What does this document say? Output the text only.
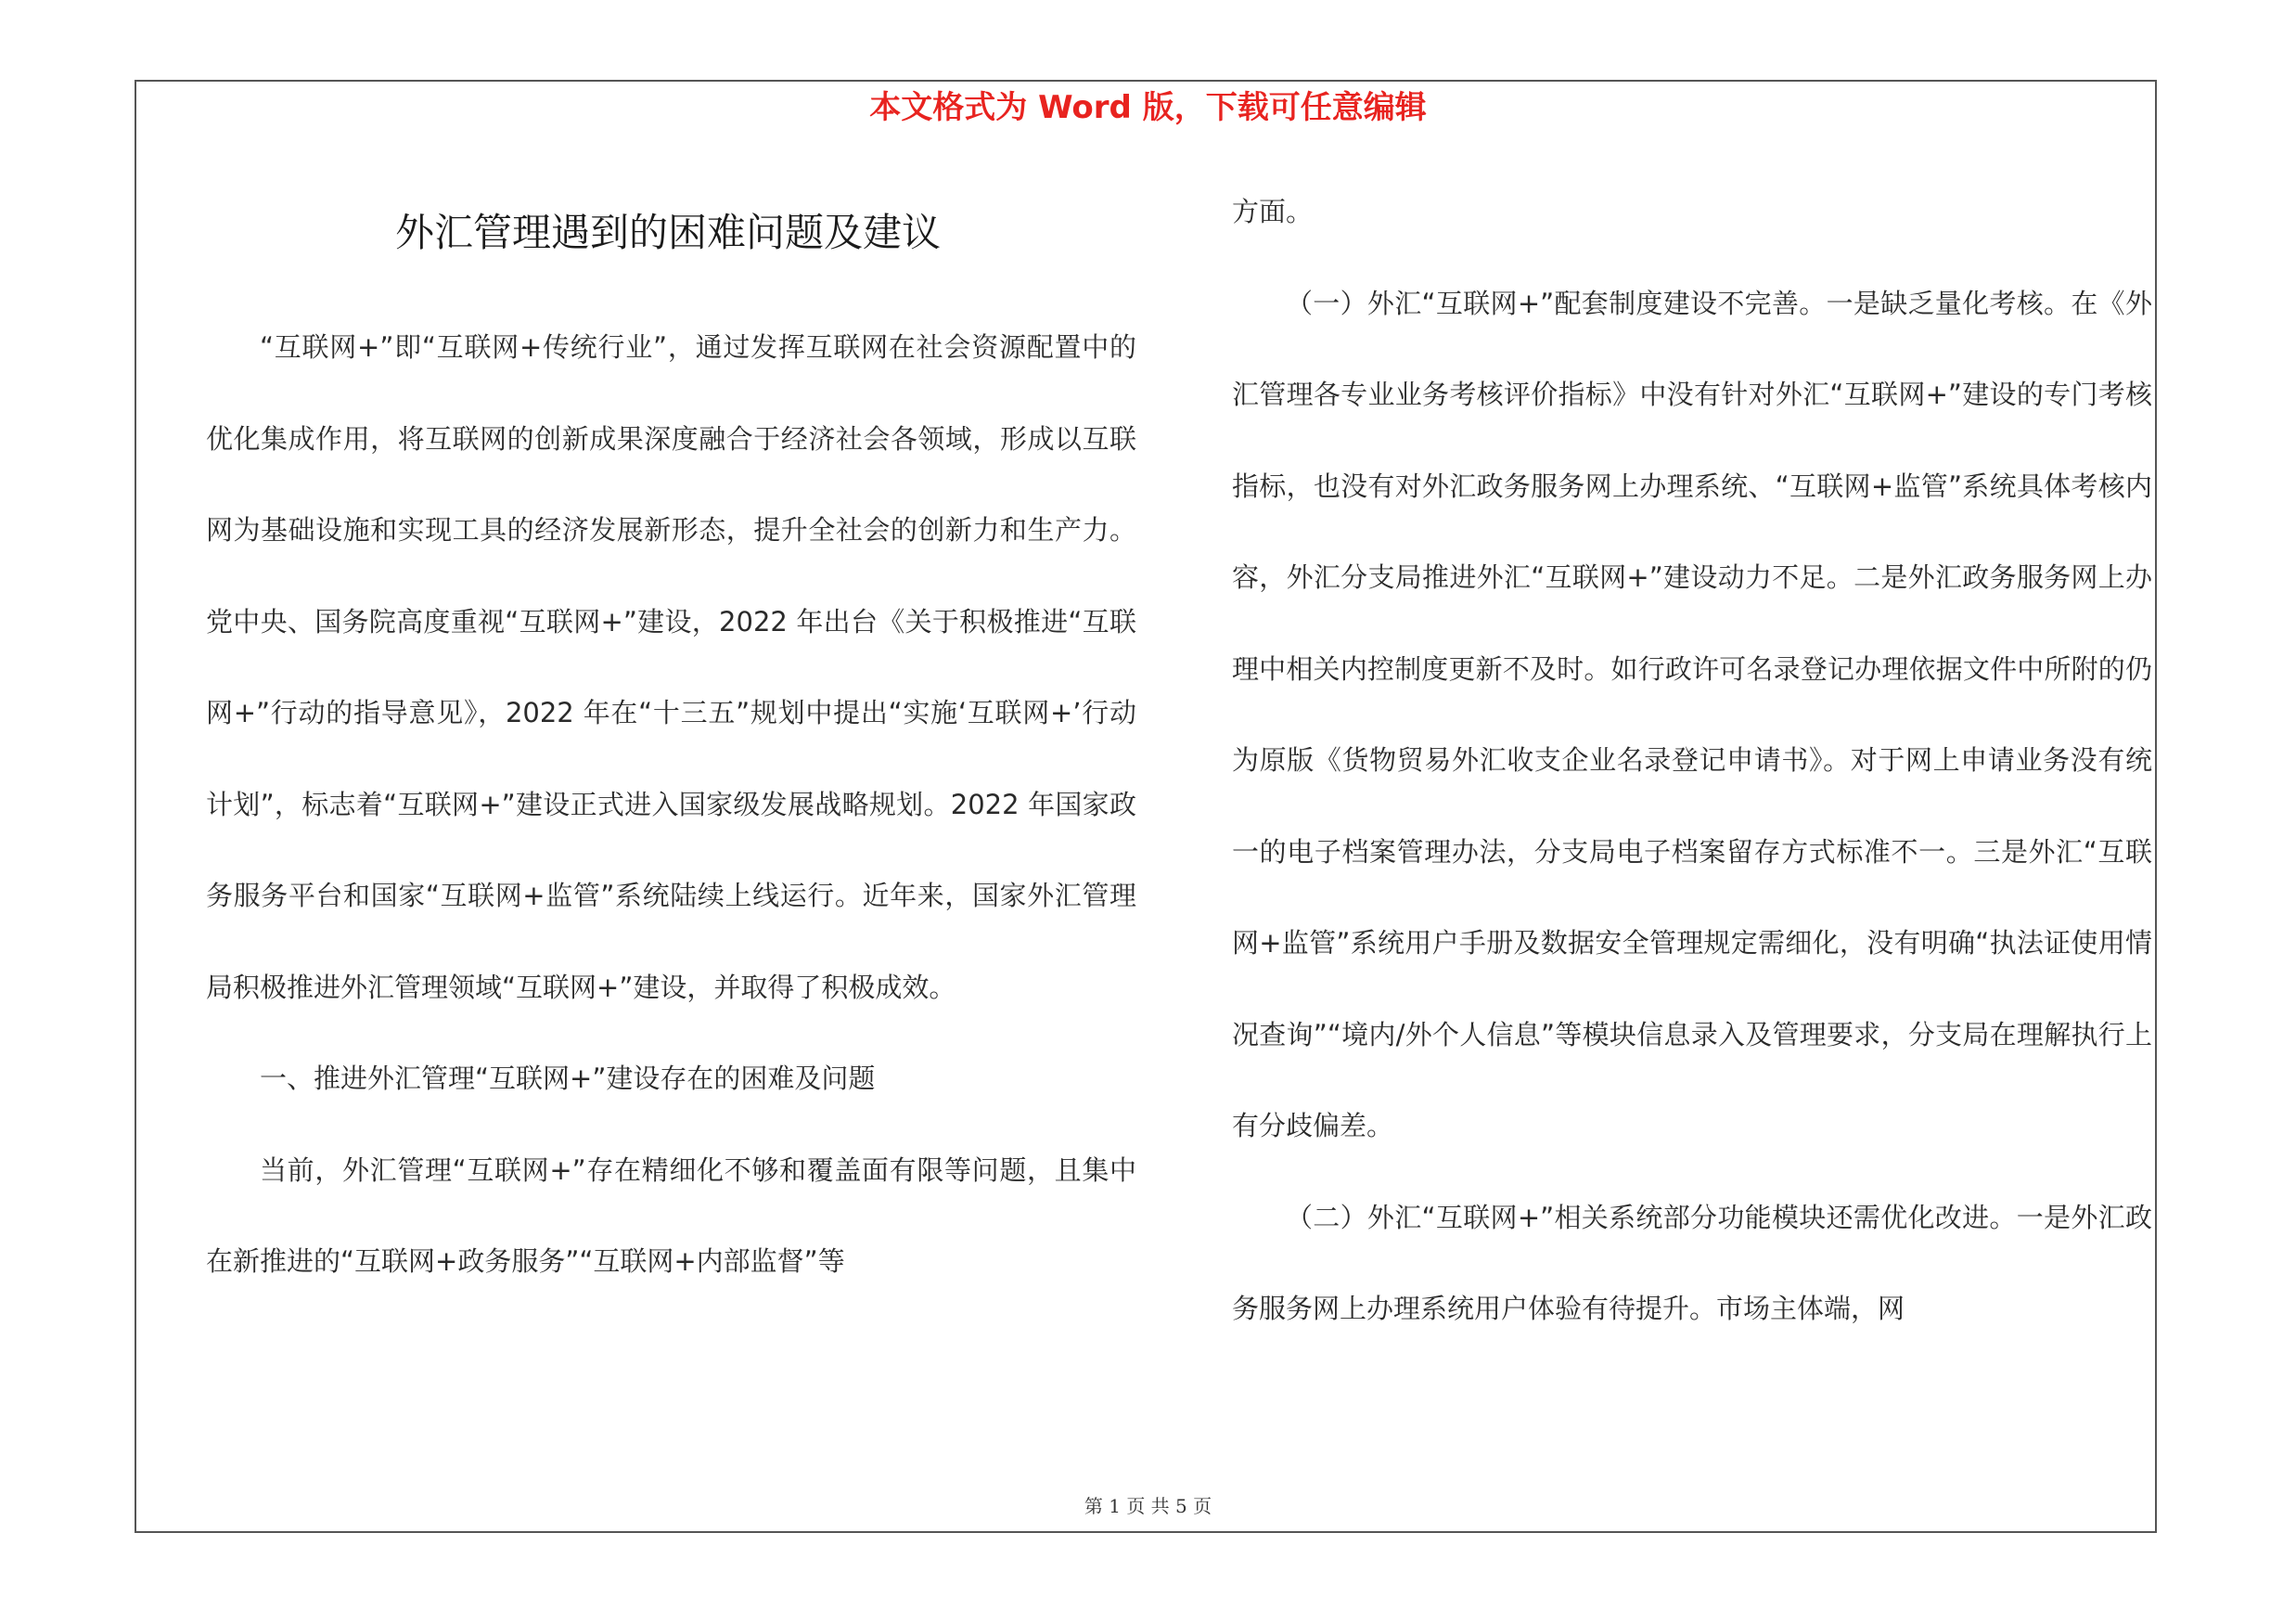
本文格式为 Word 版，下载可任意编辑
外汇管理遇到的困难问题及建议

“互联网+”即“互联网+传统行业”，通过发挥互联网在社会资源配置中的优化集成作用，将互联网的创新成果深度融合于经济社会各领域，形成以互联网为基础设施和实现工具的经济发展新形态，提升全社会的创新力和生产力。党中央、国务院高度重视“互联网+”建设，2022 年出台《关于积极推进“互联网+”行动的指导意见》，2022 年在“十三五”规划中提出“实施‘互联网+’行动计划”，标志着“互联网+”建设正式进入国家级发展战略规划。2022 年国家政务服务平台和国家“互联网+监管”系统陆续上线运行。近年来，国家外汇管理局积极推进外汇管理领域“互联网+”建设，并取得了积极成效。

一、推进外汇管理“互联网+”建设存在的困难及问题

当前，外汇管理“互联网+”存在精细化不够和覆盖面有限等问题，且集中在新推进的“互联网+政务服务”“互联网+内部监督”等

方面。

（一）外汇“互联网+”配套制度建设不完善。一是缺乏量化考核。在《外汇管理各专业业务考核评价指标》中没有针对外汇“互联网+”建设的专门考核指标，也没有对外汇政务服务网上办理系统、“互联网+监管”系统具体考核内容，外汇分支局推进外汇“互联网+”建设动力不足。二是外汇政务服务网上办理中相关内控制度更新不及时。如行政许可名录登记办理依据文件中所附的仍为原版《货物贸易外汇收支企业名录登记申请书》。对于网上申请业务没有统一的电子档案管理办法，分支局电子档案留存方式标准不一。三是外汇“互联网+监管”系统用户手册及数据安全管理规定需细化，没有明确“执法证使用情况查询”“境内/外个人信息”等模块信息录入及管理要求，分支局在理解执行上有分歧偏差。

（二）外汇“互联网+”相关系统部分功能模块还需优化改进。一是外汇政务服务网上办理系统用户体验有待提升。市场主体端，网

第 1 页 共 5 页
